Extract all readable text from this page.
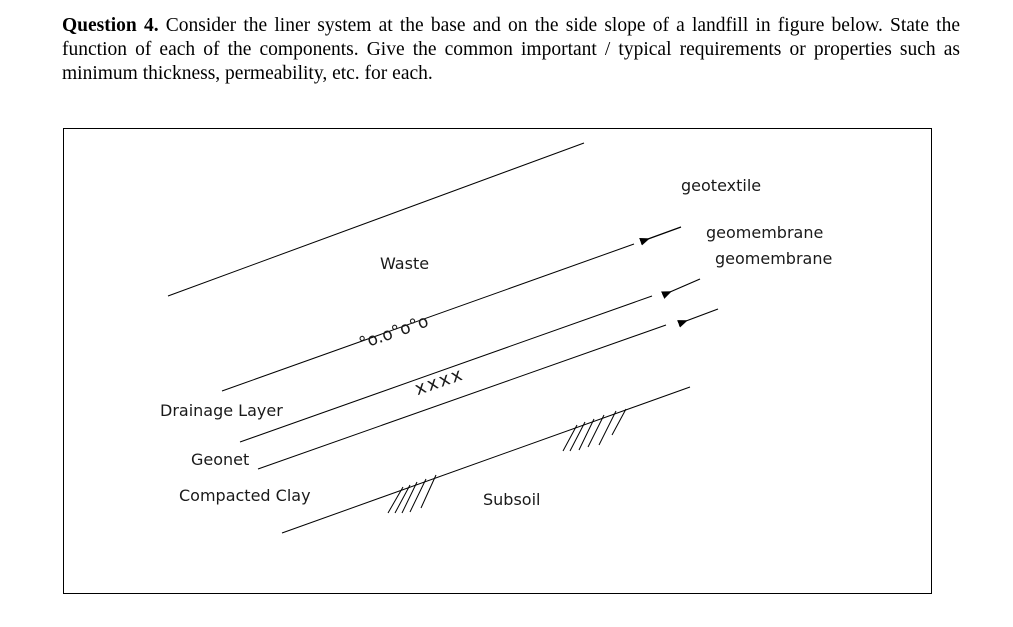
Question 4. Consider the liner system at the base and on the side slope of a landfill in figure below. State the function of each of the components. Give the common important / typical requirements or properties such as minimum thickness, permeability, etc. for each.
geotextile
geomembrane
geomembrane
Waste
°o.o°o°o
xxxx
Drainage Layer
Geonet
Compacted Clay	Subsoil
